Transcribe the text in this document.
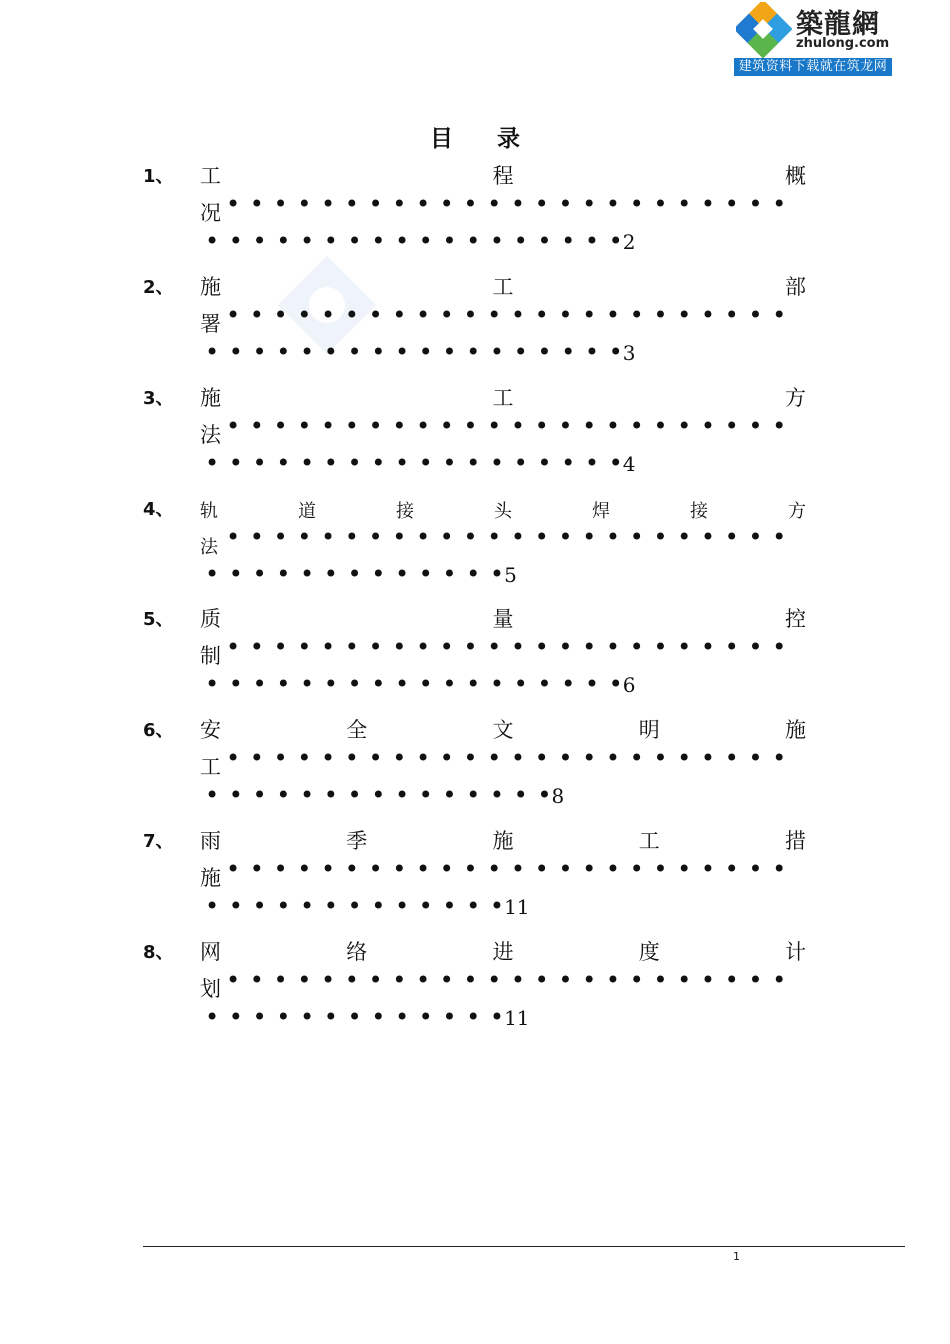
築龍網
zhulong.com
建筑资料下载就在筑龙网
目 录
1、 工	程	概
况 •  •  •  •  •  •  •  •  •  •  •  •  •  •  •  •  •  •  •  •  •  •  •  •
•  •  •  •  •  •  •  •  •  •  •  •  •  •  •  •  •  •2
2、 施	工	部
署 •  •  •  •  •  •  •  •  •  •  •  •  •  •  •  •  •  •  •  •  •  •  •  •
•  •  •  •  •  •  •  •  •  •  •  •  •  •  •  •  •  •3
3、 施	工	方
法 •  •  •  •  •  •  •  •  •  •  •  •  •  •  •  •  •  •  •  •  •  •  •  •
•  •  •  •  •  •  •  •  •  •  •  •  •  •  •  •  •  •4
4、 轨	道	接	头	焊	接	方
法 •  •  •  •  •  •  •  •  •  •  •  •  •  •  •  •  •  •  •  •  •  •  •  •
•  •  •  •  •  •  •  •  •  •  •  •  •5
5、 质	量	控
制 •  •  •  •  •  •  •  •  •  •  •  •  •  •  •  •  •  •  •  •  •  •  •  •
•  •  •  •  •  •  •  •  •  •  •  •  •  •  •  •  •  •6
6、 安	全	文	明	施
工 •  •  •  •  •  •  •  •  •  •  •  •  •  •  •  •  •  •  •  •  •  •  •  •
•  •  •  •  •  •  •  •  •  •  •  •  •  •  •8
7、 雨	季	施	工	措
施 •  •  •  •  •  •  •  •  •  •  •  •  •  •  •  •  •  •  •  •  •  •  •  •
•  •  •  •  •  •  •  •  •  •  •  •  •11
8、 网	络	进	度	计
划 •  •  •  •  •  •  •  •  •  •  •  •  •  •  •  •  •  •  •  •  •  •  •  •
•  •  •  •  •  •  •  •  •  •  •  •  •11
1
